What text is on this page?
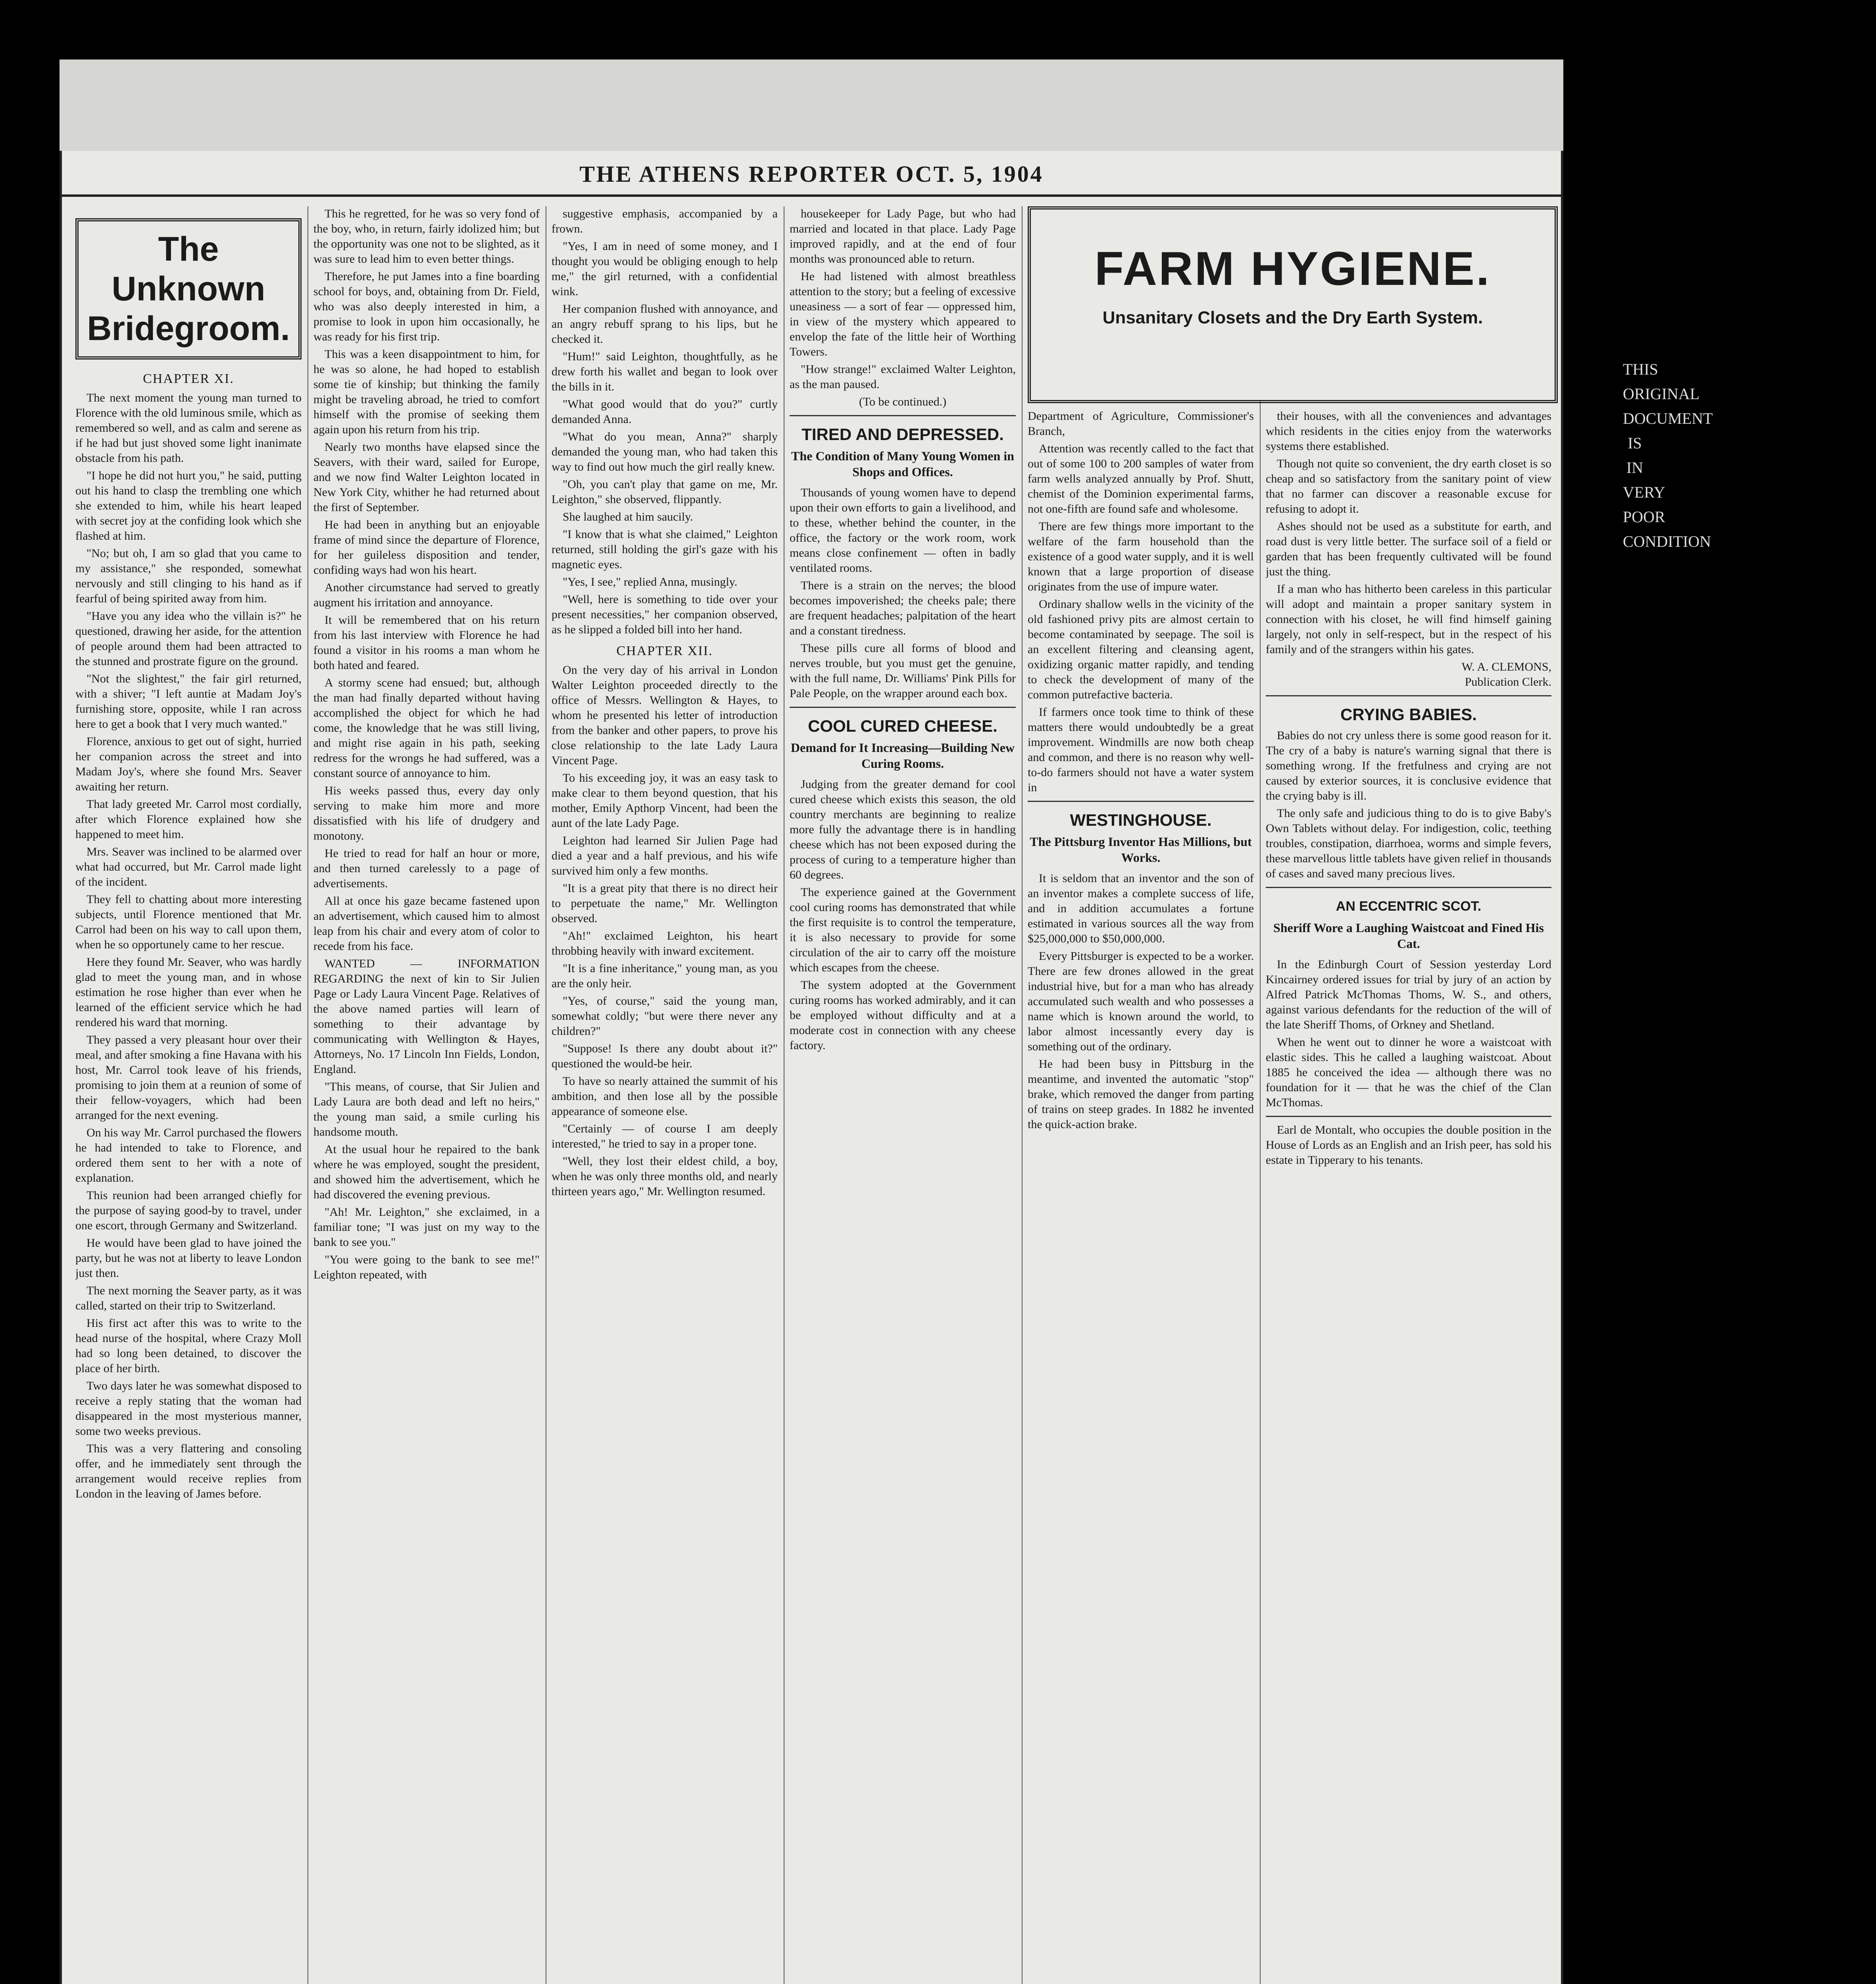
THE ATHENS REPORTER OCT. 5, 1904
The Unknown
Bridegroom.
CHAPTER XI.

The next moment the young man turned to Florence with the old luminous smile, which as remembered so well, and as calm and serene as if he had but just shoved some light inanimate obstacle from his path.

"I hope he did not hurt you," he said, putting out his hand to clasp the trembling one which she extended to him, while his heart leaped with secret joy at the confiding look which she flashed at him.

"No; but oh, I am so glad that you came to my assistance," she responded, somewhat nervously and still clinging to his hand as if fearful of being spirited away from him.

"Have you any idea who the villain is?" he questioned, drawing her aside, for the attention of people around them had been attracted to the stunned and prostrate figure on the ground.

"Not the slightest," the fair girl returned, with a shiver; "I left auntie at Madam Joy's furnishing store, opposite, while I ran across here to get a book that I very much wanted."

Florence, anxious to get out of sight, hurried her companion across the street and into Madam Joy's, where she found Mrs. Seaver awaiting her return.

That lady greeted Mr. Carrol most cordially, after which Florence explained how she happened to meet him.

Mrs. Seaver was inclined to be alarmed over what had occurred, but Mr. Carrol made light of the incident.

They fell to chatting about more interesting subjects, until Florence mentioned that Mr. Carrol had been on his way to call upon them, when he so opportunely came to her rescue.

Here they found Mr. Seaver, who was hardly glad to meet the young man, and in whose estimation he rose higher than ever when he learned of the efficient service which he had rendered his ward that morning.

They passed a very pleasant hour over their meal, and after smoking a fine Havana with his host, Mr. Carrol took leave of his friends, promising to join them at a reunion of some of their fellow-voyagers, which had been arranged for the next evening.

On his way Mr. Carrol purchased the flowers he had intended to take to Florence, and ordered them sent to her with a note of explanation.

This reunion had been arranged chiefly for the purpose of saying good-by to travel, under one escort, through Germany and Switzerland.

He would have been glad to have joined the party, but he was not at liberty to leave London just then.

The next morning the Seaver party, as it was called, started on their trip to Switzerland.

His first act after this was to write to the head nurse of the hospital, where Crazy Moll had so long been detained, to discover the place of her birth.

Two days later he was somewhat disposed to receive a reply stating that the woman had disappeared in the most mysterious manner, some two weeks previous.

This was a very flattering and consoling offer, and he immediately sent through the arrangement would receive replies from London in the leaving of James before.

This he regretted, for he was so very fond of the boy, who, in return, fairly idolized him; but the opportunity was one not to be slighted, as it was sure to lead him to even better things.

Therefore, he put James into a fine boarding school for boys, and, obtaining from Dr. Field, who was also deeply interested in him, a promise to look in upon him occasionally, he was ready for his first trip.

This was a keen disappointment to him, for he was so alone, he had hoped to establish some tie of kinship; but thinking the family might be traveling abroad, he tried to comfort himself with the promise of seeking them again upon his return from his trip.

Nearly two months have elapsed since the Seavers, with their ward, sailed for Europe, and we now find Walter Leighton located in New York City, whither he had returned about the first of September.

He had been in anything but an enjoyable frame of mind since the departure of Florence, for her guileless disposition and tender, confiding ways had won his heart.

Another circumstance had served to greatly augment his irritation and annoyance.

It will be remembered that on his return from his last interview with Florence he had found a visitor in his rooms a man whom he both hated and feared.

A stormy scene had ensued; but, although the man had finally departed without having accomplished the object for which he had come, the knowledge that he was still living, and might rise again in his path, seeking redress for the wrongs he had suffered, was a constant source of annoyance to him.

His weeks passed thus, every day only serving to make him more and more dissatisfied with his life of drudgery and monotony.

He tried to read for half an hour or more, and then turned carelessly to a page of advertisements.

All at once his gaze became fastened upon an advertisement, which caused him to almost leap from his chair and every atom of color to recede from his face.

WANTED — INFORMATION REGARDING the next of kin to Sir Julien Page or Lady Laura Vincent Page. Relatives of the above named parties will learn of something to their advantage by communicating with Wellington & Hayes, Attorneys, No. 17 Lincoln Inn Fields, London, England.

"This means, of course, that Sir Julien and Lady Laura are both dead and left no heirs," the young man said, a smile curling his handsome mouth.

At the usual hour he repaired to the bank where he was employed, sought the president, and showed him the advertisement, which he had discovered the evening previous.

"Ah! Mr. Leighton," she exclaimed, in a familiar tone; "I was just on my way to the bank to see you."

"You were going to the bank to see me!" Leighton repeated, with

suggestive emphasis, accompanied by a frown.

"Yes, I am in need of some money, and I thought you would be obliging enough to help me," the girl returned, with a confidential wink.

Her companion flushed with annoyance, and an angry rebuff sprang to his lips, but he checked it.

"Hum!" said Leighton, thoughtfully, as he drew forth his wallet and began to look over the bills in it.

"What good would that do you?" curtly demanded Anna.

"What do you mean, Anna?" sharply demanded the young man, who had taken this way to find out how much the girl really knew.

"Oh, you can't play that game on me, Mr. Leighton," she observed, flippantly.

She laughed at him saucily.

"I know that is what she claimed," Leighton returned, still holding the girl's gaze with his magnetic eyes.

"Yes, I see," replied Anna, musingly.

"Well, here is something to tide over your present necessities," her companion observed, as he slipped a folded bill into her hand.

CHAPTER XII.

On the very day of his arrival in London Walter Leighton proceeded directly to the office of Messrs. Wellington & Hayes, to whom he presented his letter of introduction from the banker and other papers, to prove his close relationship to the late Lady Laura Vincent Page.

To his exceeding joy, it was an easy task to make clear to them beyond question, that his mother, Emily Apthorp Vincent, had been the aunt of the late Lady Page.

Leighton had learned Sir Julien Page had died a year and a half previous, and his wife survived him only a few months.

"It is a great pity that there is no direct heir to perpetuate the name," Mr. Wellington observed.

"Ah!" exclaimed Leighton, his heart throbbing heavily with inward excitement.

"It is a fine inheritance," young man, as you are the only heir.

"Yes, of course," said the young man, somewhat coldly; "but were there never any children?"

"Suppose! Is there any doubt about it?" questioned the would-be heir.

To have so nearly attained the summit of his ambition, and then lose all by the possible appearance of someone else.

"Certainly — of course I am deeply interested," he tried to say in a proper tone.

"Well, they lost their eldest child, a boy, when he was only three months old, and nearly thirteen years ago," Mr. Wellington resumed.

housekeeper for Lady Page, but who had married and located in that place. Lady Page improved rapidly, and at the end of four months was pronounced able to return.

He had listened with almost breathless attention to the story; but a feeling of excessive uneasiness — a sort of fear — oppressed him, in view of the mystery which appeared to envelop the fate of the little heir of Worthing Towers.

"How strange!" exclaimed Walter Leighton, as the man paused.

(To be continued.)

TIRED AND DEPRESSED.
The Condition of Many Young Women in Shops and Offices.

Thousands of young women have to depend upon their own efforts to gain a livelihood, and to these, whether behind the counter, in the office, the factory or the work room, work means close confinement — often in badly ventilated rooms.

There is a strain on the nerves; the blood becomes impoverished; the cheeks pale; there are frequent headaches; palpitation of the heart and a constant tiredness.

These pills cure all forms of blood and nerves trouble, but you must get the genuine, with the full name, Dr. Williams' Pink Pills for Pale People, on the wrapper around each box.

COOL CURED CHEESE.
Demand for It Increasing—Building New Curing Rooms.

Judging from the greater demand for cool cured cheese which exists this season, the old country merchants are beginning to realize more fully the advantage there is in handling cheese which has not been exposed during the process of curing to a temperature higher than 60 degrees.

The experience gained at the Government cool curing rooms has demonstrated that while the first requisite is to control the temperature, it is also necessary to provide for some circulation of the air to carry off the moisture which escapes from the cheese.

The system adopted at the Government curing rooms has worked admirably, and it can be employed without difficulty and at a moderate cost in connection with any cheese factory.

FARM HYGIENE.
Unsanitary Closets and the Dry Earth System.

Department of Agriculture, Commissioner's Branch,

Attention was recently called to the fact that out of some 100 to 200 samples of water from farm wells analyzed annually by Prof. Shutt, chemist of the Dominion experimental farms, not one-fifth are found safe and wholesome.

There are few things more important to the welfare of the farm household than the existence of a good water supply, and it is well known that a large proportion of disease originates from the use of impure water.

Ordinary shallow wells in the vicinity of the old fashioned privy pits are almost certain to become contaminated by seepage. The soil is an excellent filtering and cleansing agent, oxidizing organic matter rapidly, and tending to check the development of many of the common putrefactive bacteria.

If farmers once took time to think of these matters there would undoubtedly be a great improvement. Windmills are now both cheap and common, and there is no reason why well-to-do farmers should not have a water system in

WESTINGHOUSE.
The Pittsburg Inventor Has Millions, but Works.

It is seldom that an inventor and the son of an inventor makes a complete success of life, and in addition accumulates a fortune estimated in various sources all the way from $25,000,000 to $50,000,000.

Every Pittsburger is expected to be a worker. There are few drones allowed in the great industrial hive, but for a man who has already accumulated such wealth and who possesses a name which is known around the world, to labor almost incessantly every day is something out of the ordinary.

He had been busy in Pittsburg in the meantime, and invented the automatic "stop" brake, which removed the danger from parting of trains on steep grades. In 1882 he invented the quick-action brake.

their houses, with all the conveniences and advantages which residents in the cities enjoy from the waterworks systems there established.

Though not quite so convenient, the dry earth closet is so cheap and so satisfactory from the sanitary point of view that no farmer can discover a reasonable excuse for refusing to adopt it.

Ashes should not be used as a substitute for earth, and road dust is very little better. The surface soil of a field or garden that has been frequently cultivated will be found just the thing.

If a man who has hitherto been careless in this particular will adopt and maintain a proper sanitary system in connection with his closet, he will find himself gaining largely, not only in self-respect, but in the respect of his family and of the strangers within his gates.

W. A. CLEMONS,
Publication Clerk.
CRYING BABIES.

Babies do not cry unless there is some good reason for it. The cry of a baby is nature's warning signal that there is something wrong. If the fretfulness and crying are not caused by exterior sources, it is conclusive evidence that the crying baby is ill.

The only safe and judicious thing to do is to give Baby's Own Tablets without delay. For indigestion, colic, teething troubles, constipation, diarrhoea, worms and simple fevers, these marvellous little tablets have given relief in thousands of cases and saved many precious lives.

AN ECCENTRIC SCOT.
Sheriff Wore a Laughing Waistcoat and Fined His Cat.

In the Edinburgh Court of Session yesterday Lord Kincairney ordered issues for trial by jury of an action by Alfred Patrick McThomas Thoms, W. S., and others, against various defendants for the reduction of the will of the late Sheriff Thoms, of Orkney and Shetland.

When he went out to dinner he wore a waistcoat with elastic sides. This he called a laughing waistcoat. About 1885 he conceived the idea — although there was no foundation for it — that he was the chief of the Clan McThomas.

Earl de Montalt, who occupies the double position in the House of Lords as an English and an Irish peer, has sold his estate in Tipperary to his tenants.

THIS
ORIGINAL
DOCUMENT
IS
IN
VERY
POOR
CONDITION
